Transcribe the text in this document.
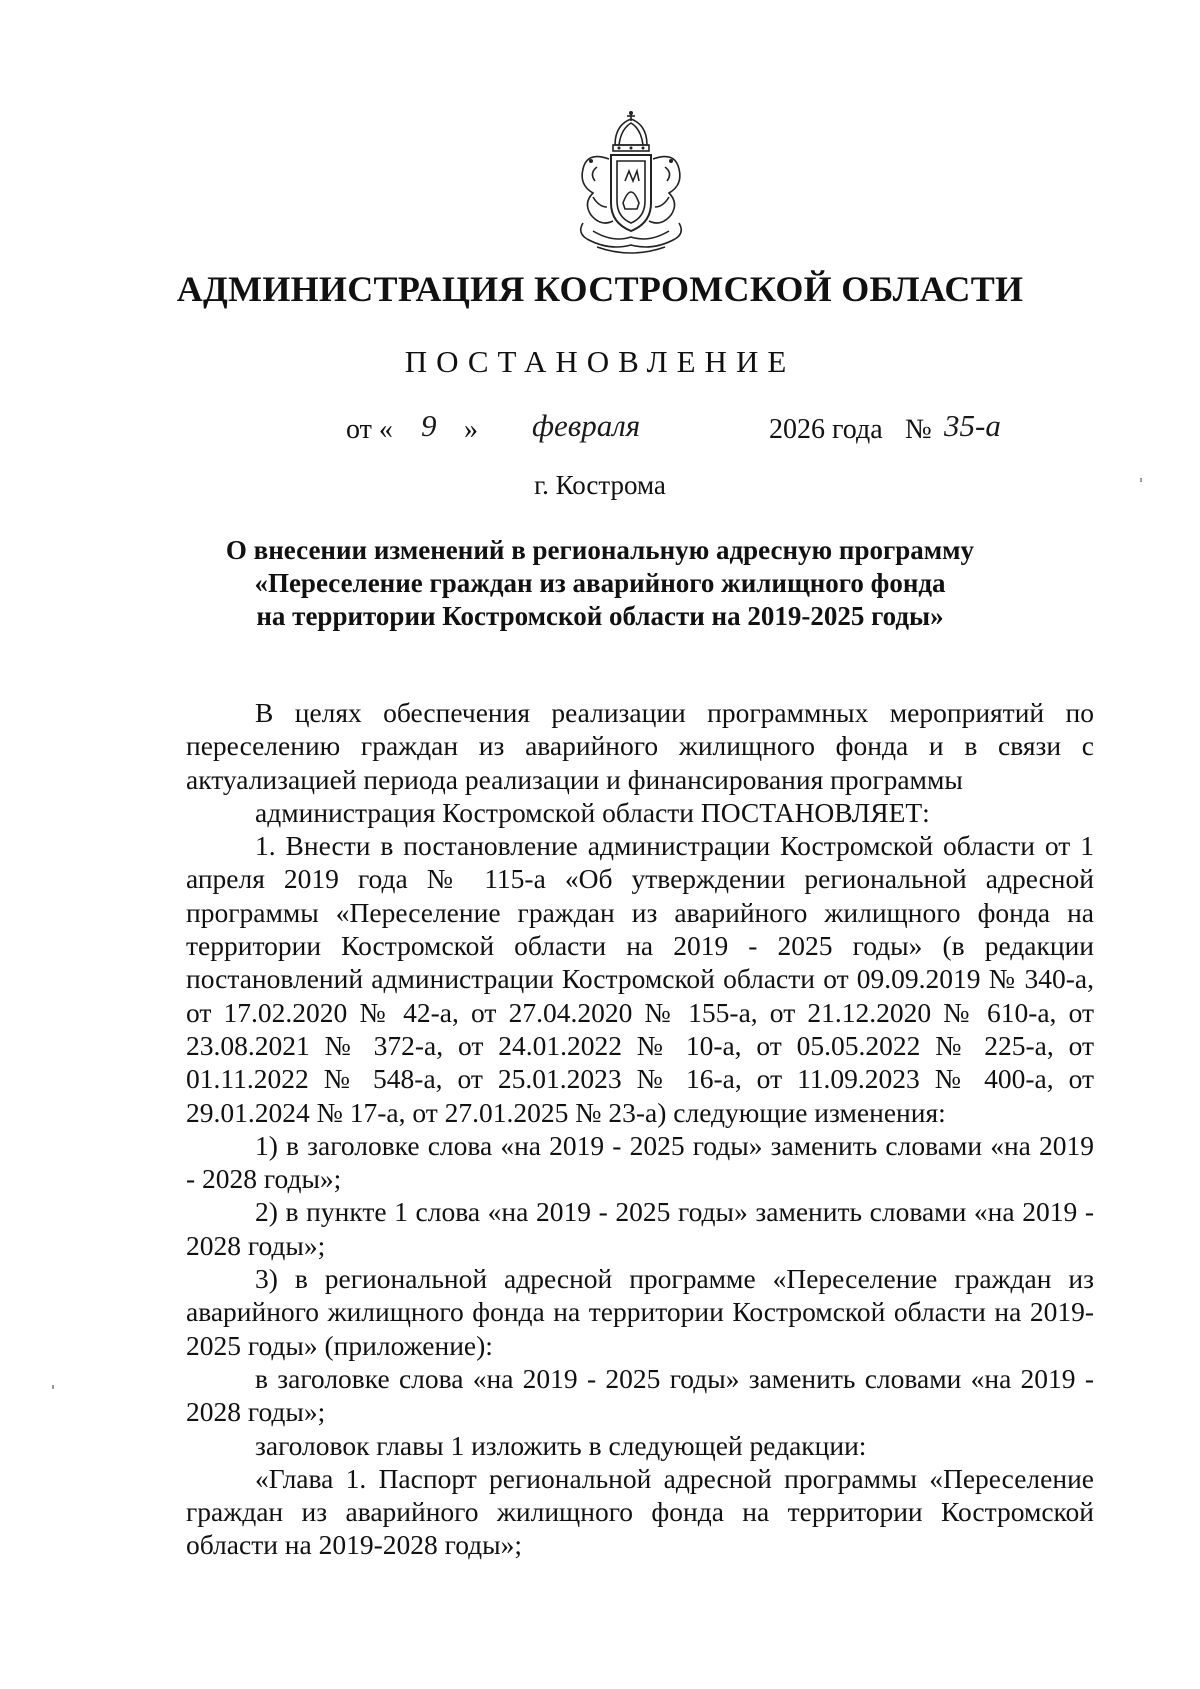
АДМИНИСТРАЦИЯ КОСТРОМСКОЙ ОБЛАСТИ
ПОСТАНОВЛЕНИЕ
от « 9 » февраля	2026 года № 35-а
г. Кострома
О внесении изменений в региональную адресную программу
«Переселение граждан из аварийного жилищного фонда
на территории Костромской области на 2019-2025 годы»

В целях обеспечения реализации программных мероприятий по переселению граждан из аварийного жилищного фонда и в связи с актуализацией периода реализации и финансирования программы

администрация Костромской области ПОСТАНОВЛЯЕТ:

1. Внести в постановление администрации Костромской области от 1 апреля 2019 года № 115-а «Об утверждении региональной адресной программы «Переселение граждан из аварийного жилищного фонда на территории Костромской области на 2019 - 2025 годы» (в редакции постановлений администрации Костромской области от 09.09.2019 № 340-а, от 17.02.2020 № 42-а, от 27.04.2020 № 155-а, от 21.12.2020 № 610-а, от 23.08.2021 № 372-а, от 24.01.2022 № 10-а, от 05.05.2022 № 225-а, от 01.11.2022 № 548-а, от 25.01.2023 № 16-а, от 11.09.2023 № 400-а, от 29.01.2024 № 17-а, от 27.01.2025 № 23-а) следующие изменения:

1) в заголовке слова «на 2019 - 2025 годы» заменить словами «на 2019 - 2028 годы»;

2) в пункте 1 слова «на 2019 - 2025 годы» заменить словами «на 2019 - 2028 годы»;

3) в региональной адресной программе «Переселение граждан из аварийного жилищного фонда на территории Костромской области на 2019-2025 годы» (приложение):

в заголовке слова «на 2019 - 2025 годы» заменить словами «на 2019 - 2028 годы»;

заголовок главы 1 изложить в следующей редакции:

«Глава 1. Паспорт региональной адресной программы «Переселение граждан из аварийного жилищного фонда на территории Костромской области на 2019-2028 годы»;
